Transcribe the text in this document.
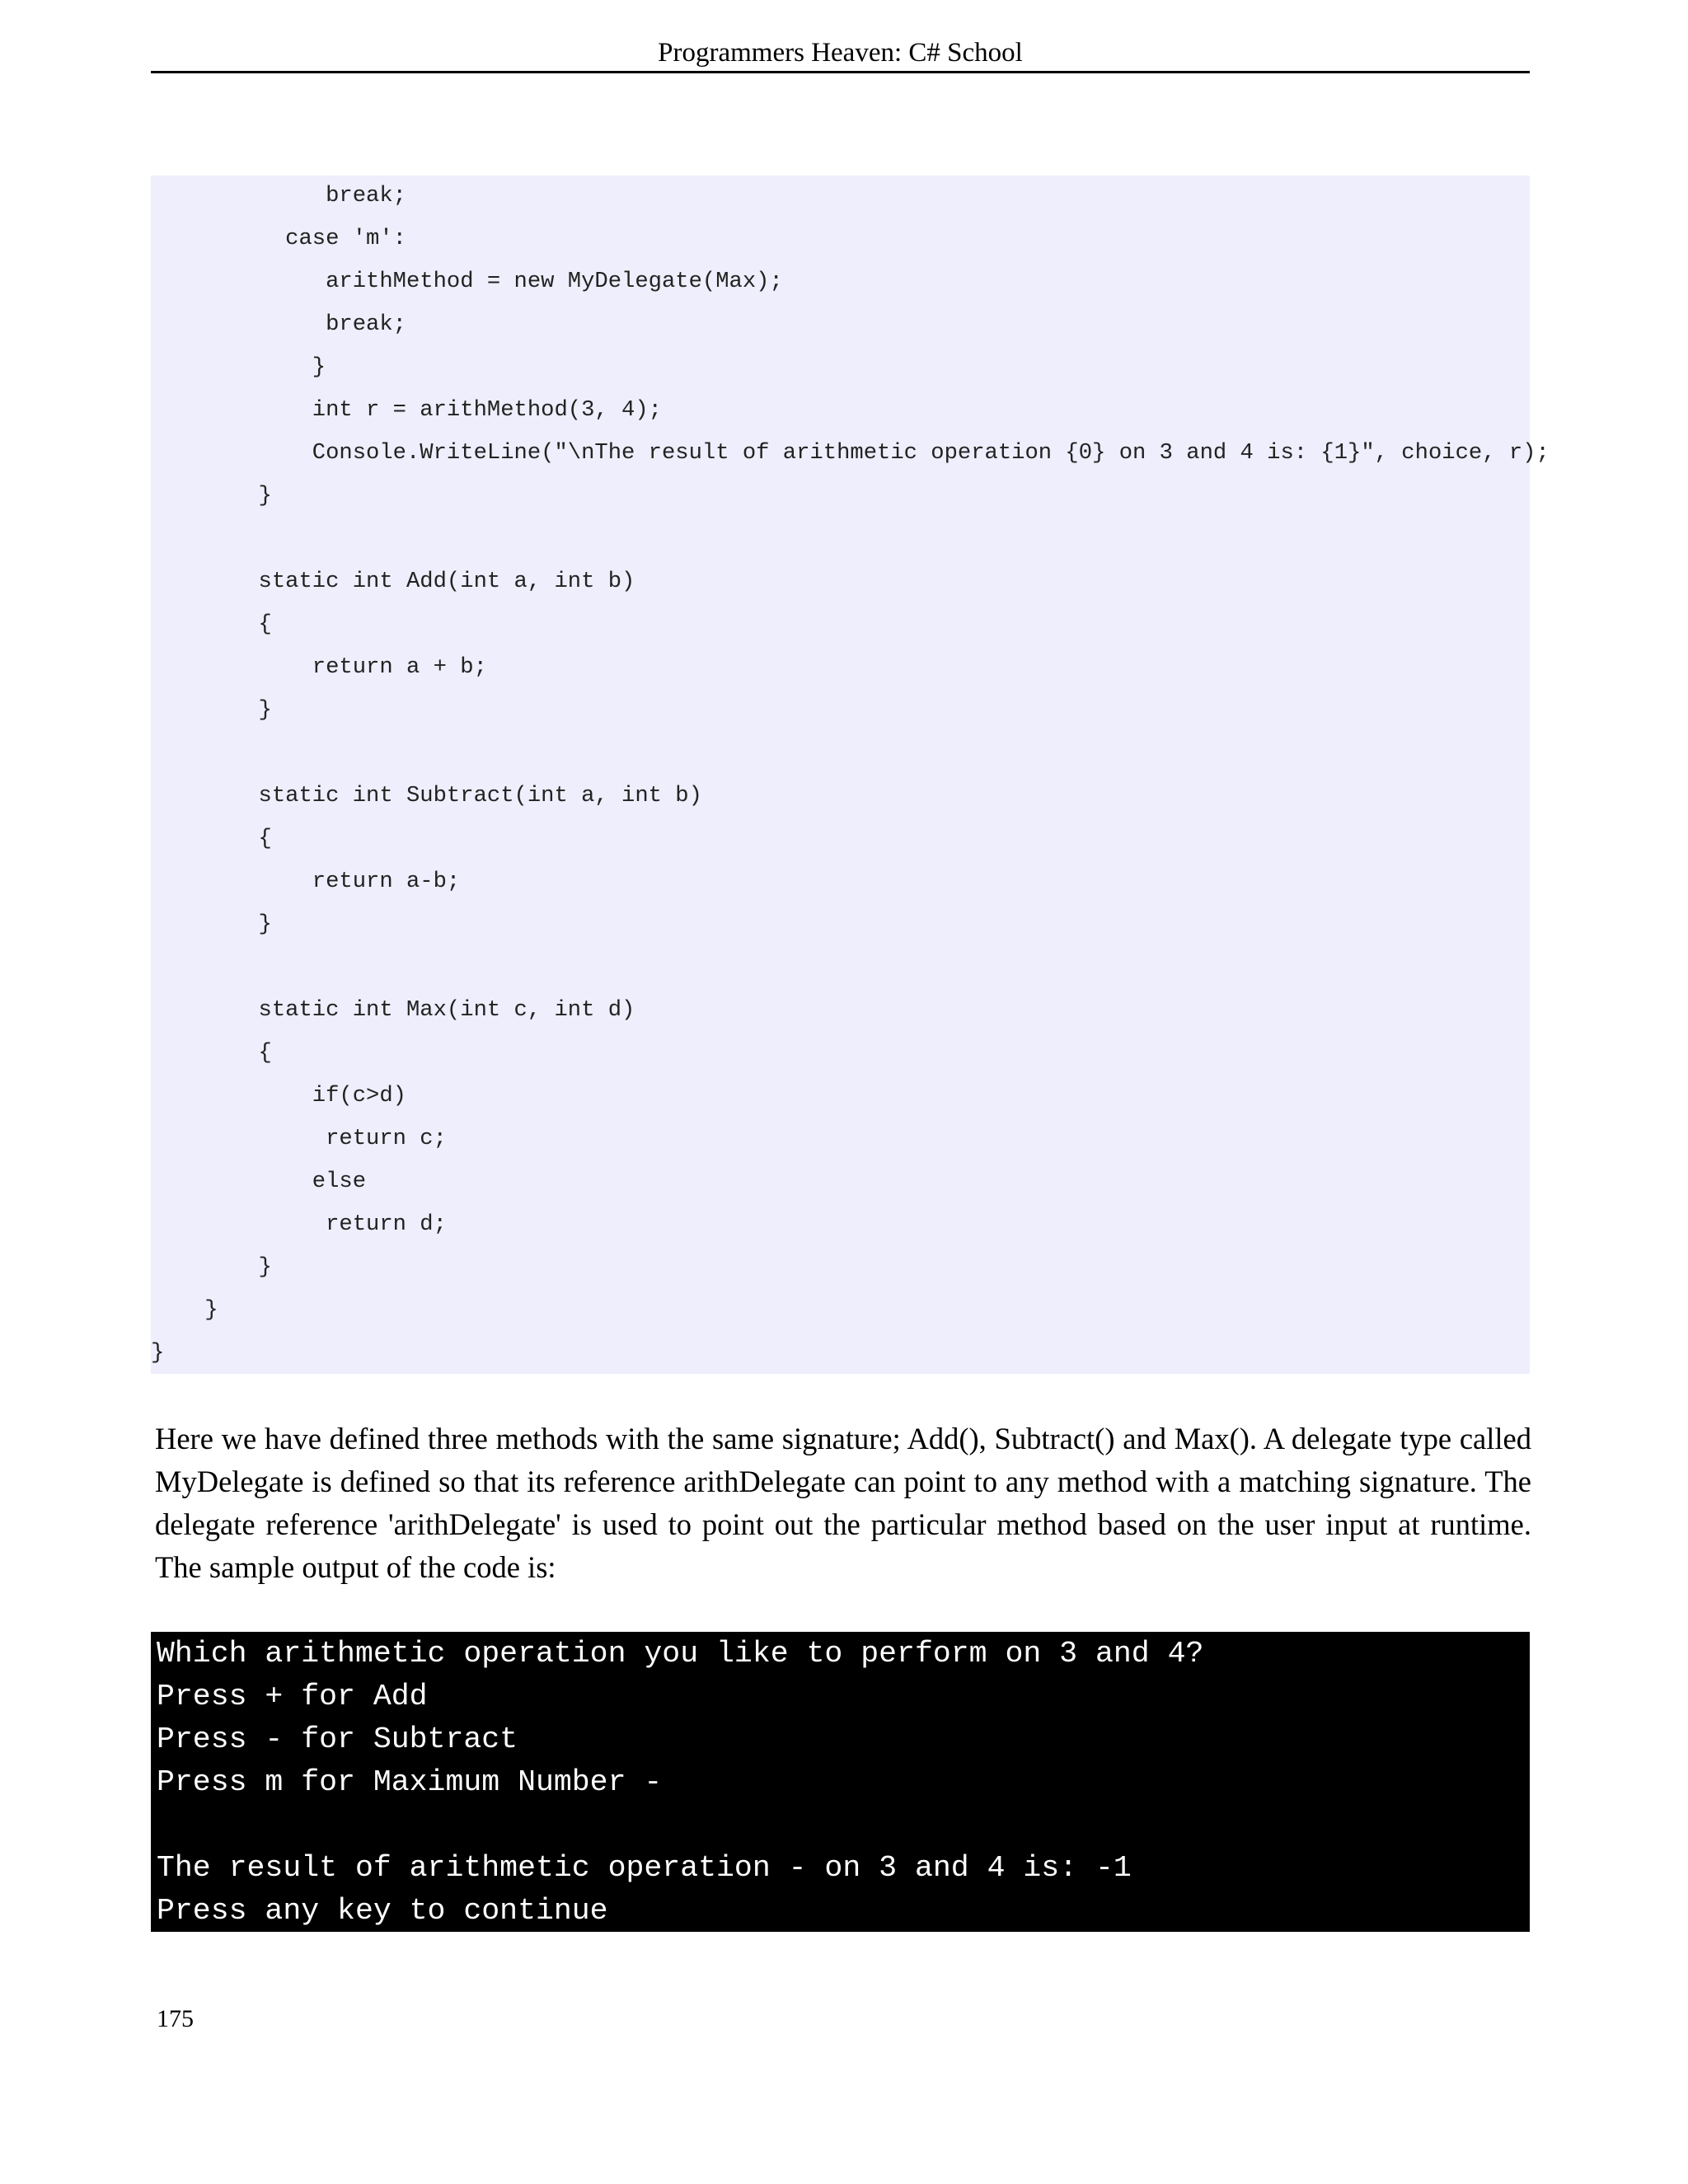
Programmers Heaven: C# School
break;
case 'm':
arithMethod = new MyDelegate(Max);
break;
}
int r = arithMethod(3, 4);
Console.WriteLine("\nThe result of arithmetic operation {0} on 3 and 4 is: {1}", choice, r);
}
static int Add(int a, int b)
{
return a + b;
}
static int Subtract(int a, int b)
{
return a-b;
}
static int Max(int c, int d)
{
if(c>d)
return c;
else
return d;
}
}
}

Here we have defined three methods with the same signature; Add(), Subtract() and Max(). A delegate type called MyDelegate is defined so that its reference arithDelegate can point to any method with a matching signature. The delegate reference 'arithDelegate' is used to point out the particular method based on the user input at runtime. The sample output of the code is:

Which arithmetic operation you like to perform on 3 and 4?
Press + for Add
Press - for Subtract
Press m for Maximum Number -
The result of arithmetic operation - on 3 and 4 is: -1
Press any key to continue
175
